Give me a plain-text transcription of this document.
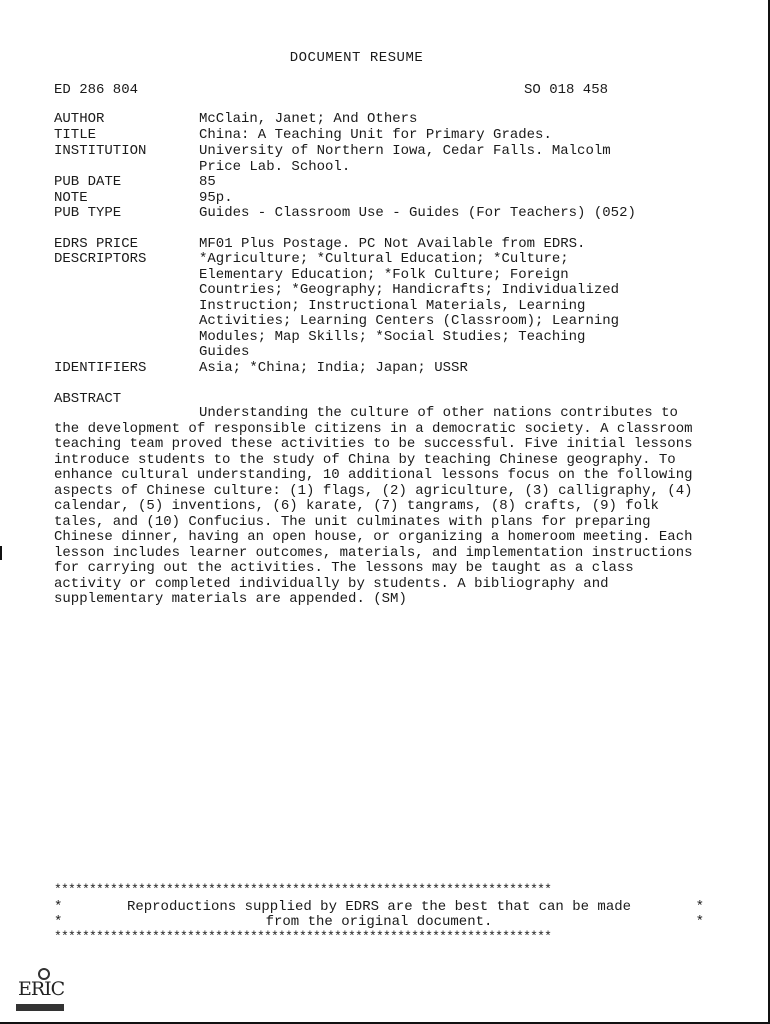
DOCUMENT RESUME
ED 286 804	SO 018 458
AUTHOR	McClain, Janet; And Others
TITLE	China: A Teaching Unit for Primary Grades.
INSTITUTION	University of Northern Iowa, Cedar Falls. Malcolm
Price Lab. School.
PUB DATE	85
NOTE	95p.
PUB TYPE	Guides - Classroom Use - Guides (For Teachers) (052)
EDRS PRICE	MF01 Plus Postage. PC Not Available from EDRS.
DESCRIPTORS	*Agriculture; *Cultural Education; *Culture;
Elementary Education; *Folk Culture; Foreign
Countries; *Geography; Handicrafts; Individualized
Instruction; Instructional Materials, Learning
Activities; Learning Centers (Classroom); Learning
Modules; Map Skills; *Social Studies; Teaching
Guides
IDENTIFIERS	Asia; *China; India; Japan; USSR
ABSTRACT

Understanding the culture of other nations contributes to the development of responsible citizens in a democratic society. A classroom teaching team proved these activities to be successful. Five initial lessons introduce students to the study of China by teaching Chinese geography. To enhance cultural understanding, 10 additional lessons focus on the following aspects of Chinese culture: (1) flags, (2) agriculture, (3) calligraphy, (4) calendar, (5) inventions, (6) karate, (7) tangrams, (8) crafts, (9) folk tales, and (10) Confucius. The unit culminates with plans for preparing Chinese dinner, having an open house, or organizing a homeroom meeting. Each lesson includes learner outcomes, materials, and implementation instructions for carrying out the activities. The lessons may be taught as a class activity or completed individually by students. A bibliography and supplementary materials are appended. (SM)

***********************************************************************
*	Reproductions supplied by EDRS are the best that can be made	*
*	from the original document.	*
***********************************************************************
ERIC
